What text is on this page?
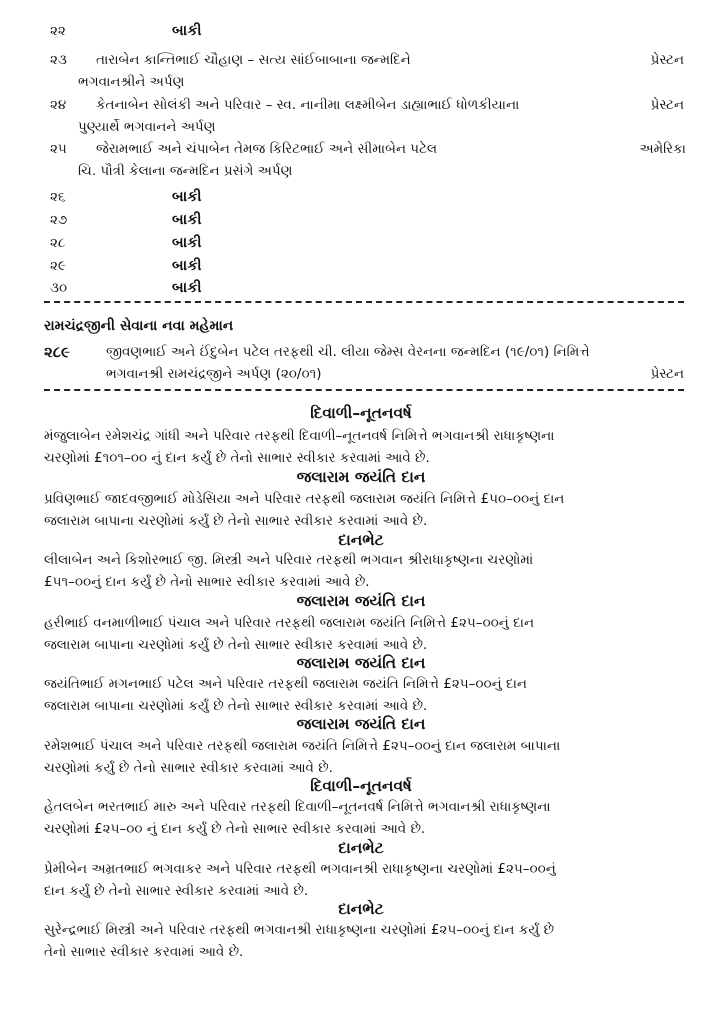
૨૨	બાકી
૨૩ તારાબેન કાન્તિભાઈ ચૌહાણ – સત્ય સાંઈબાબાના જન્મદિને	પ્રેસ્ટન
ભગવાનશ્રીને અર્પણ
૨૪ કેતનાબેન સોલંકી અને પરિવાર – સ્વ. નાનીમા લક્ષ્મીબેન ડાહ્યાભાઈ ધોળકીયાના	પ્રેસ્ટન
પુણ્યાર્થે ભગવાનને અર્પણ
૨૫ જેરામભાઈ અને ચંપાબેન તેમજ કિરિટભાઈ અને સીમાબેન પટેલ	અમેરિકા
ચિ. પૌત્રી કેલાના જન્મદિન પ્રસંગે અર્પણ
૨૬	બાકી
૨૭	બાકી
૨૮	બાકી
૨૯	બાકી
૩૦	બાકી
રામચંદ્રજીની સેવાના નવા મહેમાન
૨૮૯	જીવણભાઈ અને ઈંદુબેન પટેલ તરફથી ચી. લીયા જેમ્સ વેરનના જન્મદિન (૧૯/૦૧) નિમિત્તે
ભગવાનશ્રી રામચંદ્રજીને અર્પણ (૨૦/૦૧)	પ્રેસ્ટન
દિવાળી–નૂતનવર્ષ
મંજુલાબેન રમેશચંદ્ર ગાંધી અને પરિવાર તરફથી દિવાળી–નૂતનવર્ષ નિમિત્તે ભગવાનશ્રી રાધાકૃષ્ણના
ચરણોમાં £૧૦૧–૦૦ નું દાન કર્યું છે તેનો સાભાર સ્વીકાર કરવામાં આવે છે.
જલારામ જયંતિ દાન
પ્રવિણભાઈ જાદવજીભાઈ મોડેસિયા અને પરિવાર તરફથી જલારામ જયંતિ નિમિત્તે £૫૦–૦૦નું દાન
જલારામ બાપાના ચરણોમાં કર્યું છે તેનો સાભાર સ્વીકાર કરવામાં આવે છે.
દાનભેટ
લીલાબેન અને કિશોરભાઈ જી. મિસ્ત્રી અને પરિવાર તરફથી ભગવાન શ્રીરાધાકૃષ્ણના ચરણોમાં
£૫૧–૦૦નું દાન કર્યું છે તેનો સાભાર સ્વીકાર કરવામાં આવે છે.
જલારામ જયંતિ દાન
હરીભાઈ વનમાળીભાઈ પંચાલ અને પરિવાર તરફથી જલારામ જયંતિ નિમિત્તે £૨૫–૦૦નું દાન
જલારામ બાપાના ચરણોમાં કર્યું છે તેનો સાભાર સ્વીકાર કરવામાં આવે છે.
જલારામ જયંતિ દાન
જયંતિભાઈ મગનભાઈ પટેલ અને પરિવાર તરફથી જલારામ જયંતિ નિમિત્તે £૨૫–૦૦નું દાન
જલારામ બાપાના ચરણોમાં કર્યું છે તેનો સાભાર સ્વીકાર કરવામાં આવે છે.
જલારામ જયંતિ દાન
રમેશભાઈ પંચાલ અને પરિવાર તરફથી જલારામ જયંતિ નિમિત્તે £૨૫–૦૦નું દાન જલારામ બાપાના
ચરણોમાં કર્યું છે તેનો સાભાર સ્વીકાર કરવામાં આવે છે.
દિવાળી–નૂતનવર્ષ
હેતલબેન ભરતભાઈ મારુ અને પરિવાર તરફથી દિવાળી–નૂતનવર્ષ નિમિત્તે ભગવાનશ્રી રાધાકૃષ્ણના
ચરણોમાં £૨૫–૦૦ નું દાન કર્યું છે તેનો સાભાર સ્વીકાર કરવામાં આવે છે.
દાનભેટ
પ્રેમીબેન અમ્રતભાઈ ભગવાકર અને પરિવાર તરફથી ભગવાનશ્રી રાધાકૃષ્ણના ચરણોમાં £૨૫–૦૦નું
દાન કર્યું છે તેનો સાભાર સ્વીકાર કરવામાં આવે છે.
દાનભેટ
સુરેન્દ્રભાઈ મિસ્ત્રી અને પરિવાર તરફથી ભગવાનશ્રી રાધાકૃષ્ણના ચરણોમાં £૨૫–૦૦નું દાન કર્યું છે
તેનો સાભાર સ્વીકાર કરવામાં આવે છે.
